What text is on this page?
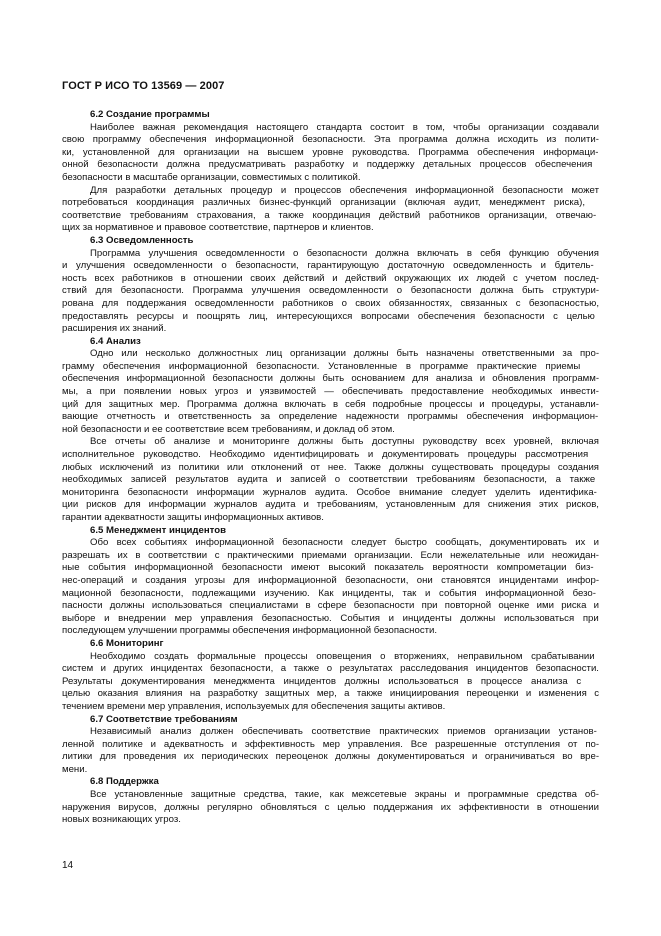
ГОСТ Р ИСО ТО 13569 — 2007
6.2 Создание программы
Наиболее важная рекомендация настоящего стандарта состоит в том, чтобы организации создавали
свою программу обеспечения информационной безопасности. Эта программа должна исходить из полити-
ки, установленной для организации на высшем уровне руководства. Программа обеспечения информаци-
онной безопасности должна предусматривать разработку и поддержку детальных процессов обеспечения
безопасности в масштабе организации, совместимых с политикой.
Для разработки детальных процедур и процессов обеспечения информационной безопасности может
потребоваться координация различных бизнес-функций организации (включая аудит, менеджмент риска),
соответствие требованиям страхования, а также координация действий работников организации, отвечаю-
щих за нормативное и правовое соответствие, партнеров и клиентов.
6.3 Осведомленность
Программа улучшения осведомленности о безопасности должна включать в себя функцию обучения
и улучшения осведомленности о безопасности, гарантирующую достаточную осведомленность и бдитель-
ность всех работников в отношении своих действий и действий окружающих их людей с учетом послед-
ствий для безопасности. Программа улучшения осведомленности о безопасности должна быть структури-
рована для поддержания осведомленности работников о своих обязанностях, связанных с безопасностью,
предоставлять ресурсы и поощрять лиц, интересующихся вопросами обеспечения безопасности с целью
расширения их знаний.
6.4 Анализ
Одно или несколько должностных лиц организации должны быть назначены ответственными за про-
грамму обеспечения информационной безопасности. Установленные в программе практические приемы
обеспечения информационной безопасности должны быть основанием для анализа и обновления программ-
мы, а при появлении новых угроз и уязвимостей — обеспечивать предоставление необходимых инвести-
ций для защитных мер. Программа должна включать в себя подробные процессы и процедуры, устанавли-
вающие отчетность и ответственность за определение надежности программы обеспечения информацион-
ной безопасности и ее соответствие всем требованиям, и доклад об этом.
Все отчеты об анализе и мониторинге должны быть доступны руководству всех уровней, включая
исполнительное руководство. Необходимо идентифицировать и документировать процедуры рассмотрения
любых исключений из политики или отклонений от нее. Также должны существовать процедуры создания
необходимых записей результатов аудита и записей о соответствии требованиям безопасности, а также
мониторинга безопасности информации журналов аудита. Особое внимание следует уделить идентифика-
ции рисков для информации журналов аудита и требованиям, установленным для снижения этих рисков,
гарантии адекватности защиты информационных активов.
6.5 Менеджмент инцидентов
Обо всех событиях информационной безопасности следует быстро сообщать, документировать их и
разрешать их в соответствии с практическими приемами организации. Если нежелательные или неожидан-
ные события информационной безопасности имеют высокий показатель вероятности компрометации биз-
нес-операций и создания угрозы для информационной безопасности, они становятся инцидентами инфор-
мационной безопасности, подлежащими изучению. Как инциденты, так и события информационной безо-
пасности должны использоваться специалистами в сфере безопасности при повторной оценке ими риска и
выборе и внедрении мер управления безопасностью. События и инциденты должны использоваться при
последующем улучшении программы обеспечения информационной безопасности.
6.6 Мониторинг
Необходимо создать формальные процессы оповещения о вторжениях, неправильном срабатывании
систем и других инцидентах безопасности, а также о результатах расследования инцидентов безопасности.
Результаты документирования менеджмента инцидентов должны использоваться в процессе анализа с
целью оказания влияния на разработку защитных мер, а также инициирования переоценки и изменения с
течением времени мер управления, используемых для обеспечения защиты активов.
6.7 Соответствие требованиям
Независимый анализ должен обеспечивать соответствие практических приемов организации установ-
ленной политике и адекватность и эффективность мер управления. Все разрешенные отступления от по-
литики для проведения их периодических переоценок должны документироваться и ограничиваться во вре-
мени.
6.8 Поддержка
Все установленные защитные средства, такие, как межсетевые экраны и программные средства об-
наружения вирусов, должны регулярно обновляться с целью поддержания их эффективности в отношении
новых возникающих угроз.
14
